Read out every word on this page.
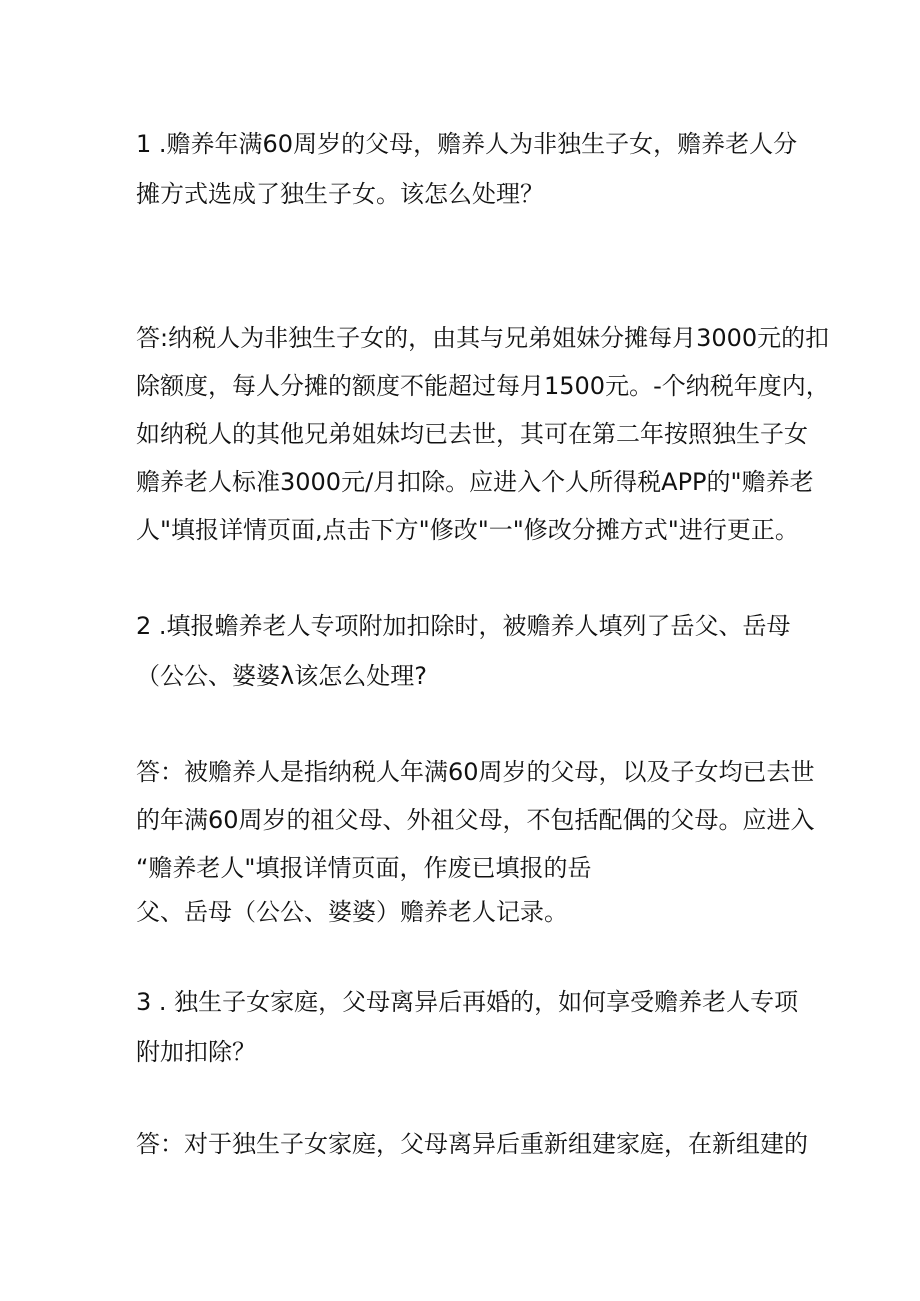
1 .赡养年满60周岁的父母，赡养人为非独生子女，赡养老人分
摊方式选成了独生子女。该怎么处理？
答:纳税人为非独生子女的，由其与兄弟姐妹分摊每月3000元的扣
除额度，每人分摊的额度不能超过每月1500元。-个纳税年度内，
如纳税人的其他兄弟姐妹均已去世，其可在第二年按照独生子女
赡养老人标准3000元/月扣除。应进入个人所得税APP的"赡养老
人"填报详情页面,点击下方"修改"一"修改分摊方式"进行更正。
2 .填报蟾养老人专项附加扣除时，被赡养人填列了岳父、岳母
（公公、婆婆λ该怎么处理?
答：被赡养人是指纳税人年满60周岁的父母，以及子女均已去世
的年满60周岁的祖父母、外祖父母，不包括配偶的父母。应进入
“赡养老人"填报详情页面，作废已填报的岳
父、岳母（公公、婆婆）赡养老人记录。
3 . 独生子女家庭，父母离异后再婚的，如何享受赡养老人专项
附加扣除？
答：对于独生子女家庭，父母离异后重新组建家庭，在新组建的
